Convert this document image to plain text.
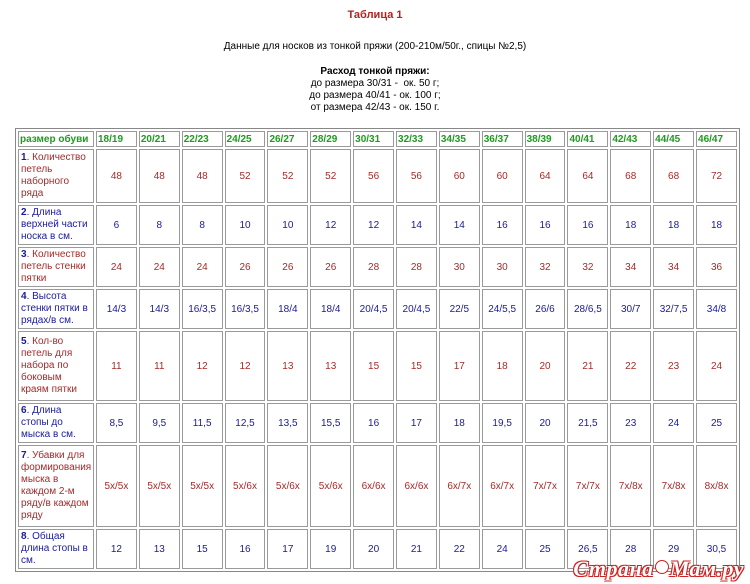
Таблица 1
Данные для носков из тонкой пряжи (200-210м/50г., спицы №2,5)
Расход тонкой пряжи:
до размера 30/31 -  ок. 50 г;
до размера 40/41 - ок. 100 г;
от размера 42/43 - ок. 150 г.
размер обуви	18/19	20/21	22/23	24/25	26/27	28/29	30/31	32/33	34/35	36/37	38/39	40/41	42/43	44/45	46/47
1. Количество петель наборного ряда	48	48	48	52	52	52	56	56	60	60	64	64	68	68	72
2. Длина верхней части носка в см.	6	8	8	10	10	12	12	14	14	16	16	16	18	18	18
3. Количество петель стенки пятки	24	24	24	26	26	26	28	28	30	30	32	32	34	34	36
4. Высота стенки пятки в рядах/в см.	14/3	14/3	16/3,5	16/3,5	18/4	18/4	20/4,5	20/4,5	22/5	24/5,5	26/6	28/6,5	30/7	32/7,5	34/8
5. Кол-во петель для набора по боковым краям пятки	11	11	12	12	13	13	15	15	17	18	20	21	22	23	24
6. Длина стопы до мыска в см.	8,5	9,5	11,5	12,5	13,5	15,5	16	17	18	19,5	20	21,5	23	24	25
7. Убавки для формирования мыска в каждом 2-м ряду/в каждом ряду	5x/5x	5x/5x	5x/5x	5x/6x	5x/6x	5x/6x	6x/6x	6x/6x	6x/7x	6x/7x	7x/7x	7x/7x	7x/8x	7x/8x	8x/8x
8. Общая длина стопы в см.	12	13	15	16	17	19	20	21	22	24	25	26,5	28	29	30,5
Страна Мам.ру
